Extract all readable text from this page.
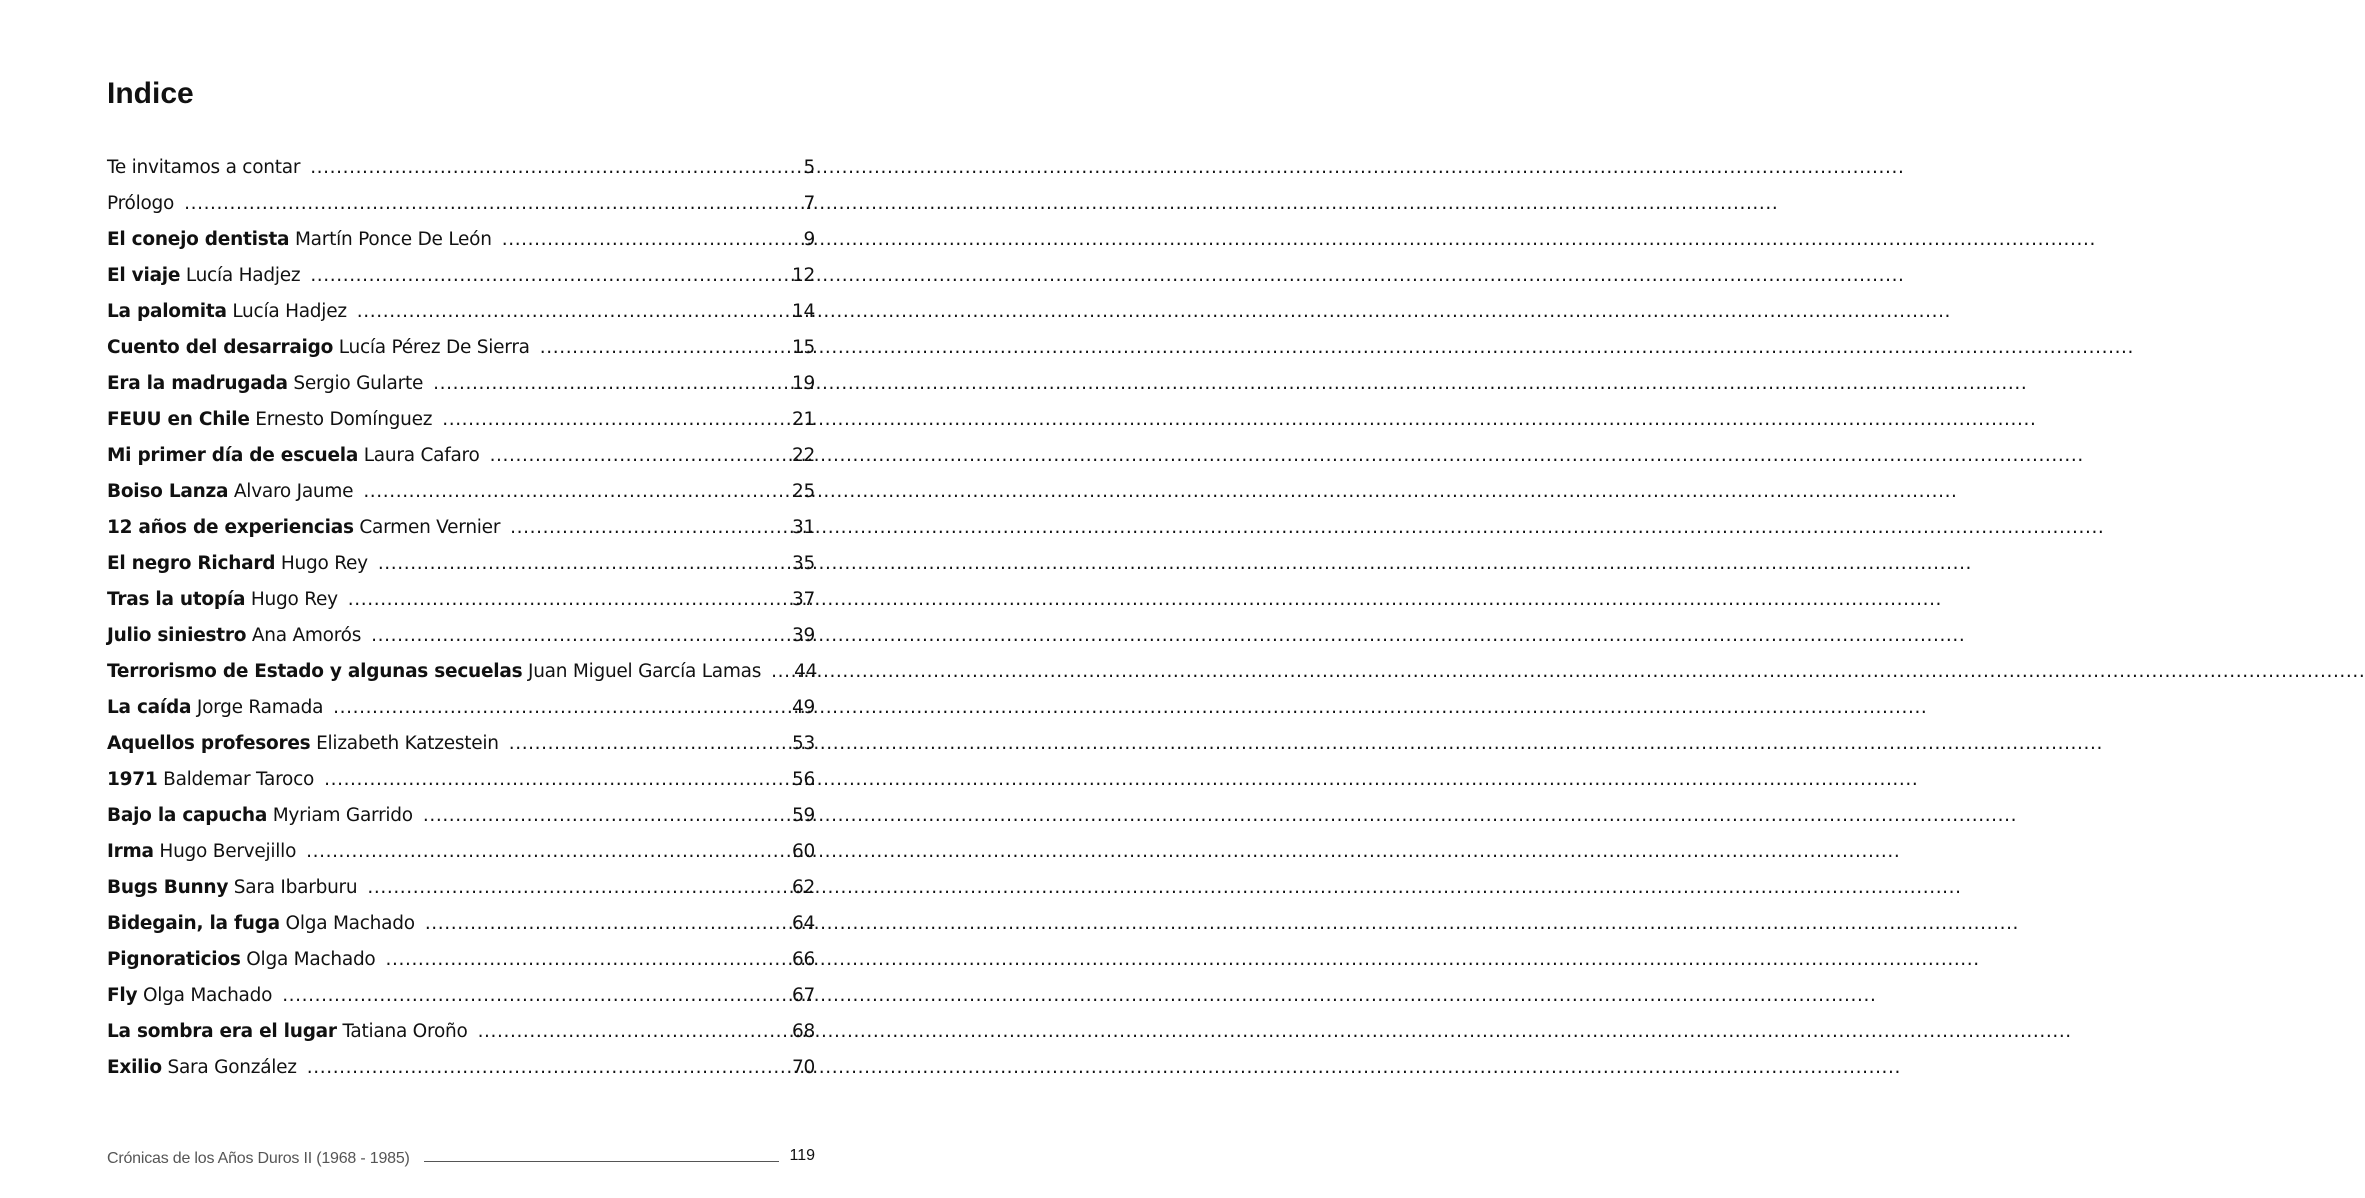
Indice
Te invitamos a contar .....	5
Prólogo .....	7
El conejo dentista Martín Ponce De León .....	9
El viaje Lucía Hadjez .....	12
La palomita Lucía Hadjez .....	14
Cuento del desarraigo Lucía Pérez De Sierra .....	15
Era la madrugada Sergio Gularte .....	19
FEUU en Chile Ernesto Domínguez .....	21
Mi primer día de escuela Laura Cafaro .....	22
Boiso Lanza Alvaro Jaume .....	25
12 años de experiencias Carmen Vernier .....	31
El negro Richard Hugo Rey .....	35
Tras la utopía Hugo Rey .....	37
Julio siniestro Ana Amorós .....	39
Terrorismo de Estado y algunas secuelas Juan Miguel García Lamas ..... 44
La caída Jorge Ramada .....	49
Aquellos profesores Elizabeth Katzestein .....	53
1971 Baldemar Taroco .....	56
Bajo la capucha Myriam Garrido .....	59
Irma Hugo Bervejillo .....	60
Bugs Bunny Sara Ibarburu .....	62
Bidegain, la fuga Olga Machado .....	64
Pignoraticios Olga Machado .....	66
Fly Olga Machado .....	67
La sombra era el lugar Tatiana Oroño .....	68
Exilio Sara González .....	70
Crónicas de los Años Duros II (1968 - 1985)	119
